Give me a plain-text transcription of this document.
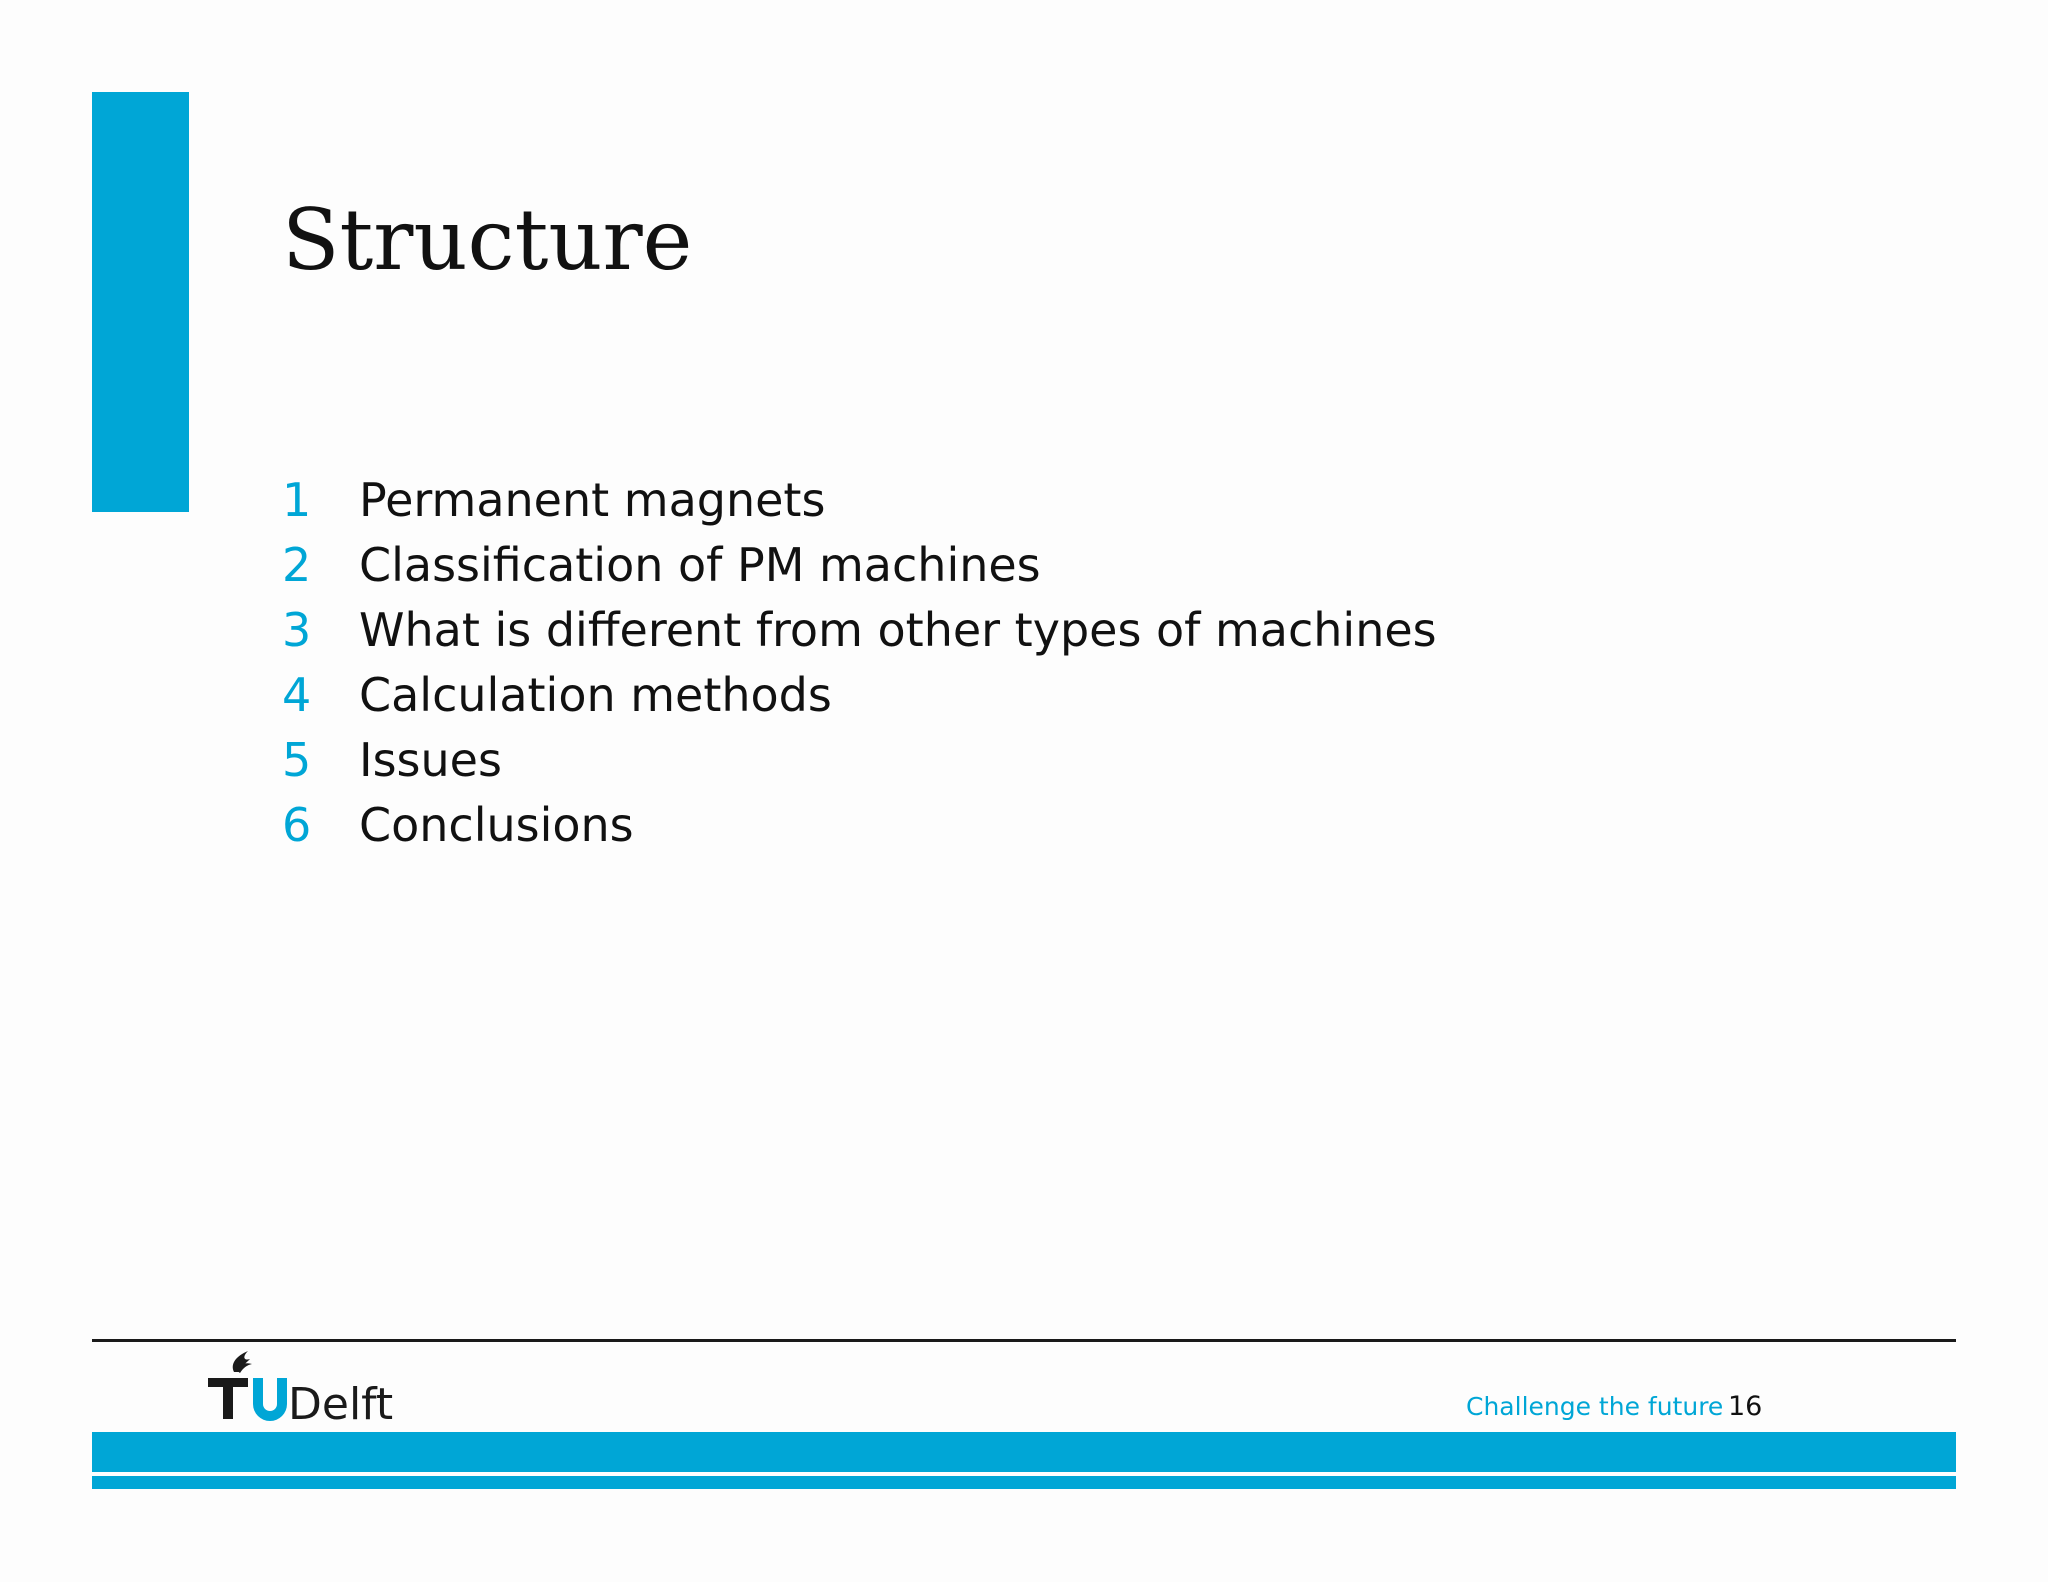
Structure
1	Permanent magnets
2	Classification of PM machines
3	What is different from other types of machines
4	Calculation methods
5	Issues
6	Conclusions
Delft	Challenge the future 16
